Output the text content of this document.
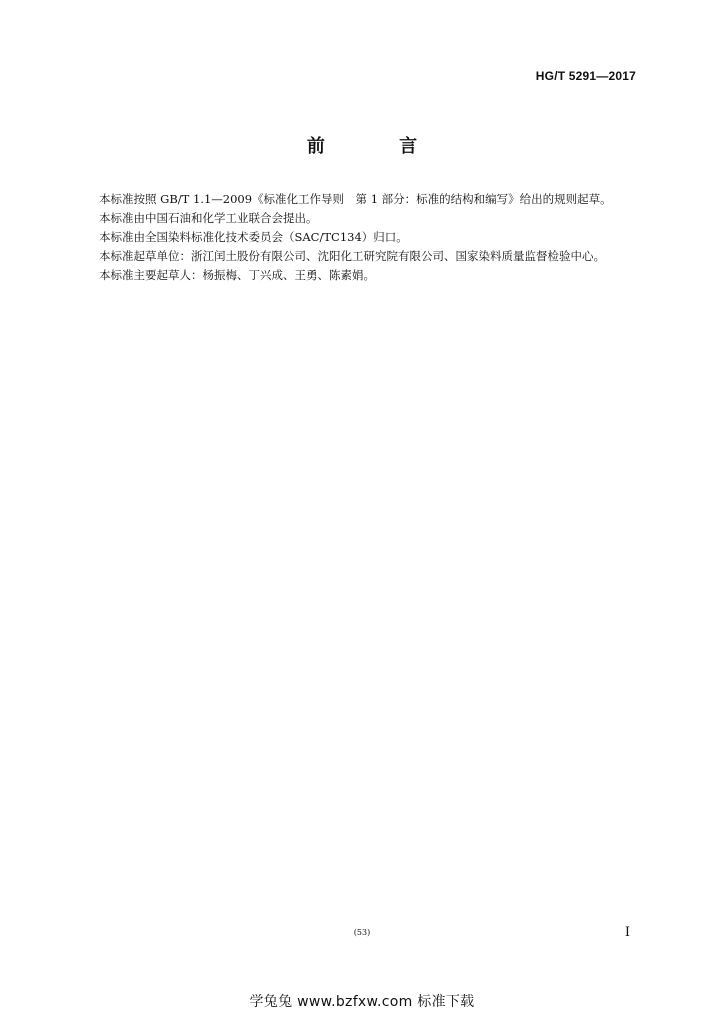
HG/T 5291—2017
前 言

本标准按照 GB/T 1.1—2009《标准化工作导则　第 1 部分：标准的结构和编写》给出的规则起草。

本标准由中国石油和化学工业联合会提出。

本标准由全国染料标准化技术委员会（SAC/TC134）归口。

本标准起草单位：浙江闰土股份有限公司、沈阳化工研究院有限公司、国家染料质量监督检验中心。

本标准主要起草人：杨振梅、丁兴成、王勇、陈素娟。

(53)	I
学兔兔 www.bzfxw.com 标准下载
